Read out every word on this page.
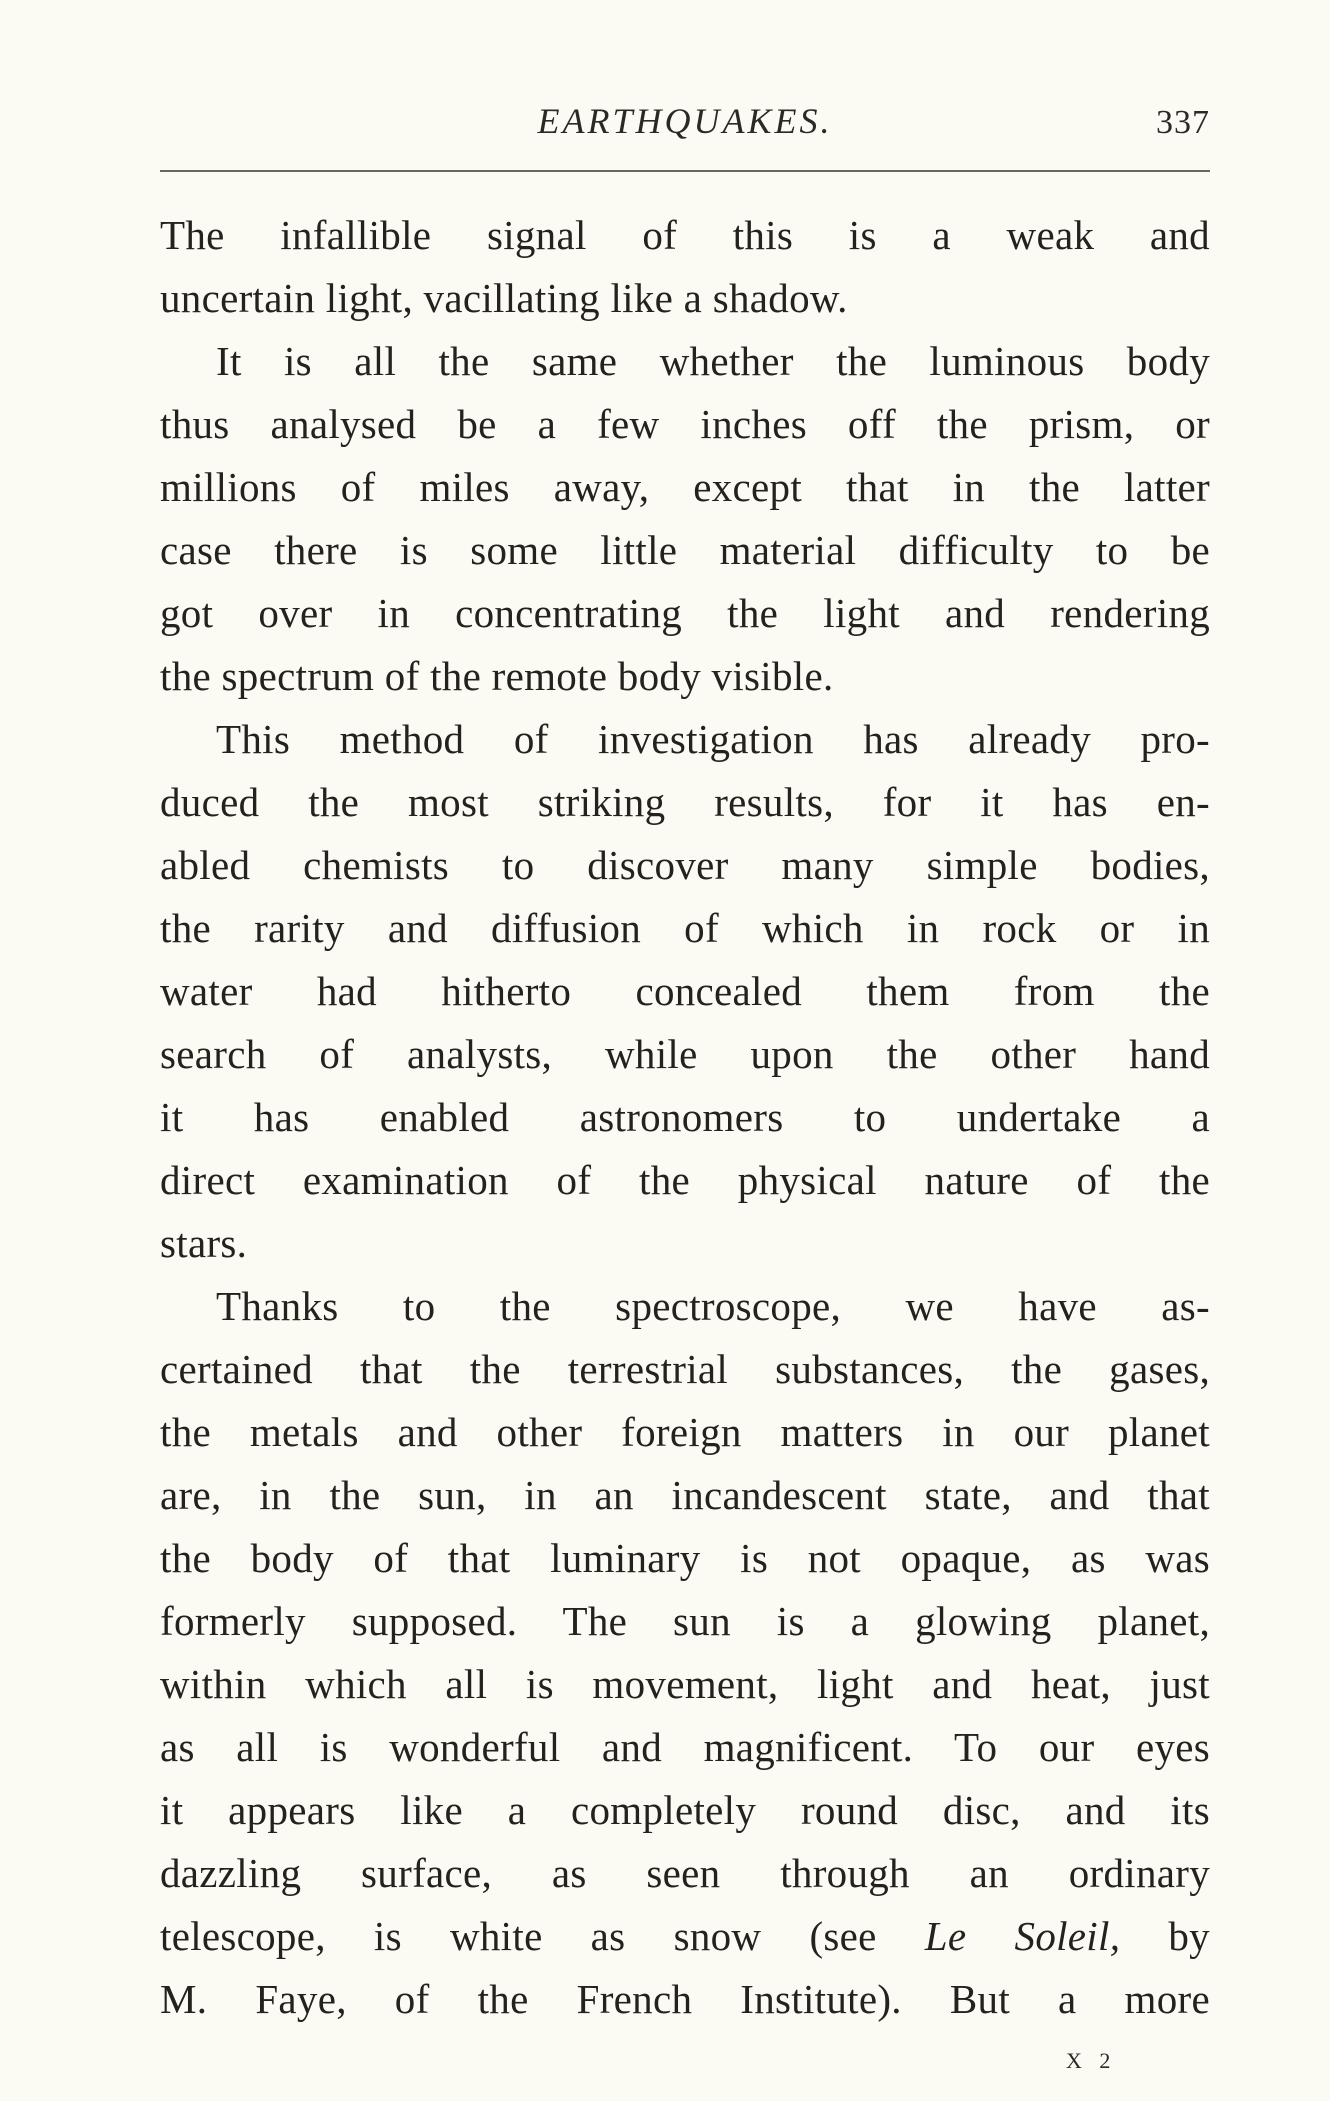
EARTHQUAKES.	337
The infallible signal of this is a weak and
uncertain light, vacillating like a shadow.
It is all the same whether the luminous body
thus analysed be a few inches off the prism, or
millions of miles away, except that in the latter
case there is some little material difficulty to be
got over in concentrating the light and rendering
the spectrum of the remote body visible.
This method of investigation has already pro-
duced the most striking results, for it has en-
abled chemists to discover many simple bodies,
the rarity and diffusion of which in rock or in
water had hitherto concealed them from the
search of analysts, while upon the other hand
it has enabled astronomers to undertake a
direct examination of the physical nature of the
stars.
Thanks to the spectroscope, we have as-
certained that the terrestrial substances, the gases,
the metals and other foreign matters in our planet
are, in the sun, in an incandescent state, and that
the body of that luminary is not opaque, as was
formerly supposed. The sun is a glowing planet,
within which all is movement, light and heat, just
as all is wonderful and magnificent. To our eyes
it appears like a completely round disc, and its
dazzling surface, as seen through an ordinary
telescope, is white as snow (see Le Soleil, by
M. Faye, of the French Institute). But a more
X 2
